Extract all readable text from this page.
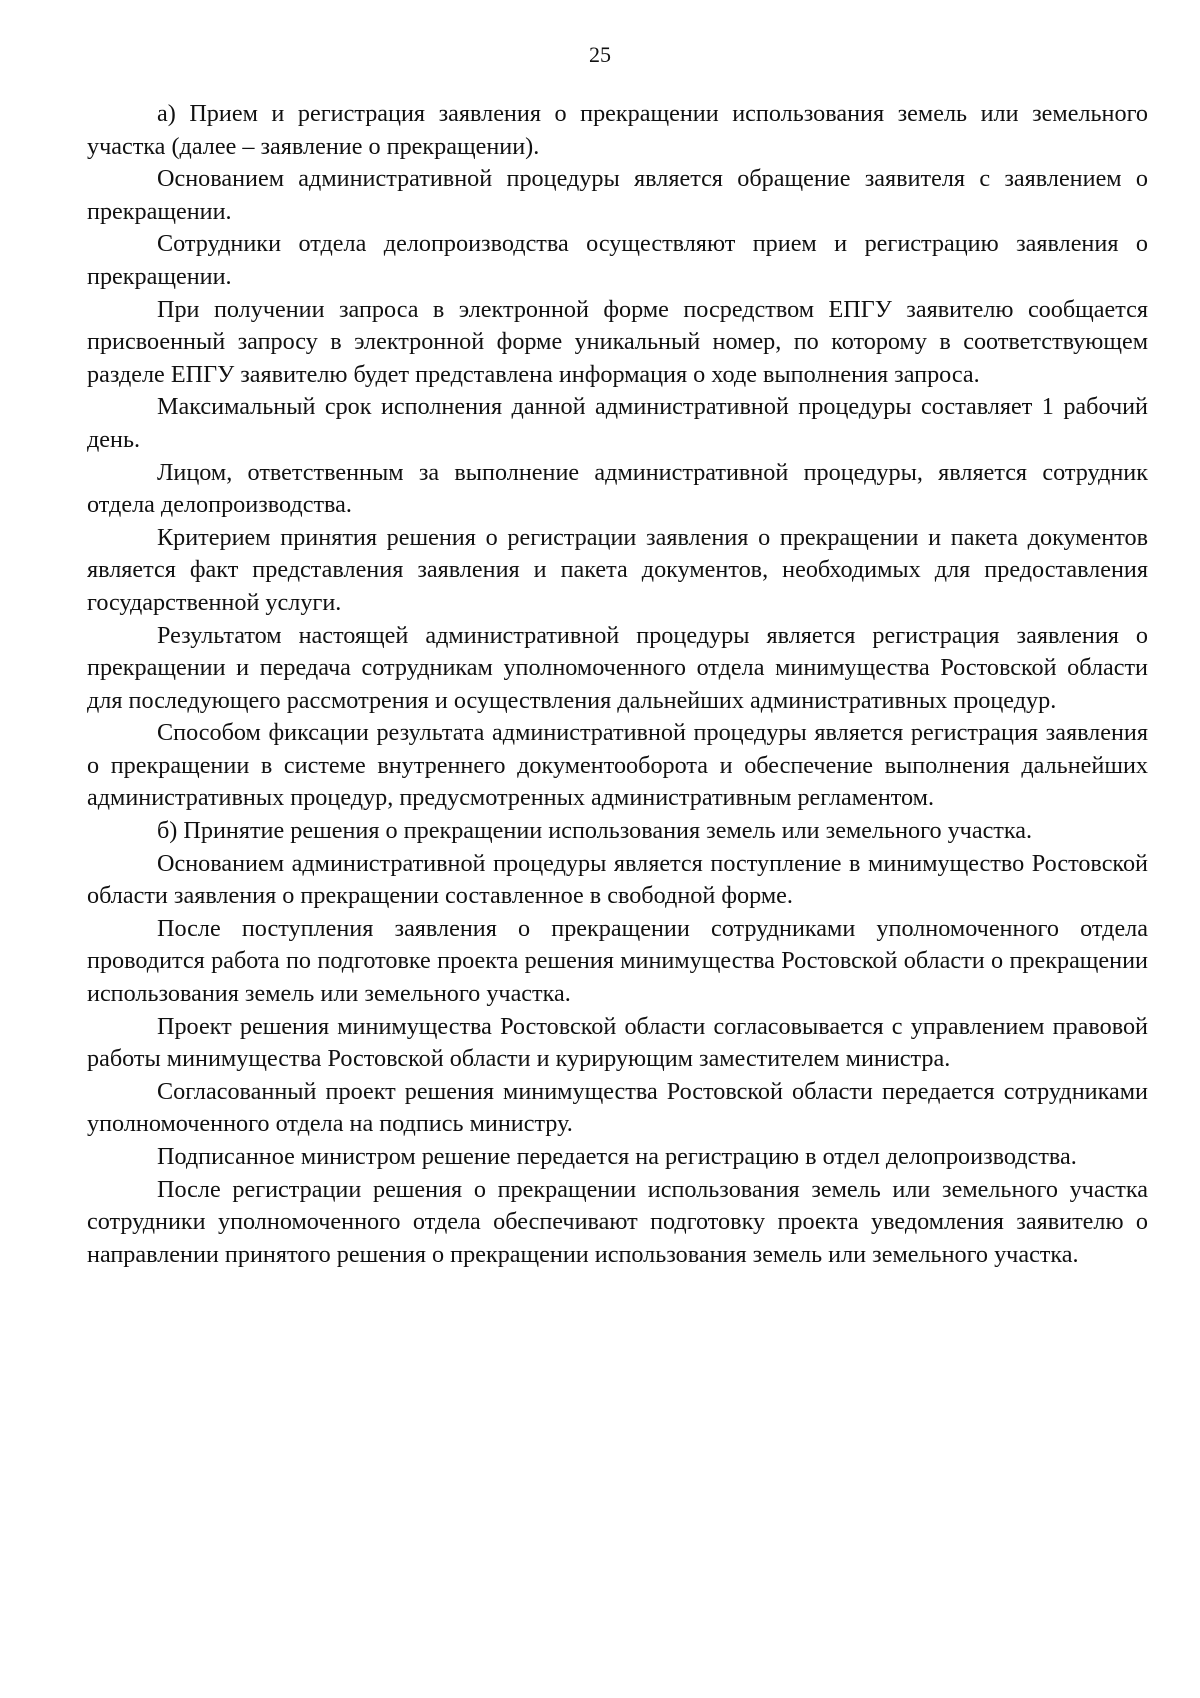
25

а) Прием и регистрация заявления о прекращении использования земель или земельного участка (далее – заявление о прекращении).

Основанием административной процедуры является обращение заявителя с заявлением о прекращении.

Сотрудники отдела делопроизводства осуществляют прием и регистрацию заявления о прекращении.

При получении запроса в электронной форме посредством ЕПГУ заявителю сообщается присвоенный запросу в электронной форме уникальный номер, по которому в соответствующем разделе ЕПГУ заявителю будет представлена информация о ходе выполнения запроса.

Максимальный срок исполнения данной административной процедуры составляет 1 рабочий день.

Лицом, ответственным за выполнение административной процедуры, является сотрудник отдела делопроизводства.

Критерием принятия решения о регистрации заявления о прекращении и пакета документов является факт представления заявления и пакета документов, необходимых для предоставления государственной услуги.

Результатом настоящей административной процедуры является регистрация заявления о прекращении и передача сотрудникам уполномоченного отдела минимущества Ростовской области для последующего рассмотрения и осуществления дальнейших административных процедур.

Способом фиксации результата административной процедуры является регистрация заявления о прекращении в системе внутреннего документооборота и обеспечение выполнения дальнейших административных процедур, предусмотренных административным регламентом.

б) Принятие решения о прекращении использования земель или земельного участка.

Основанием административной процедуры является поступление в минимущество Ростовской области заявления о прекращении составленное в свободной форме.

После поступления заявления о прекращении сотрудниками уполномоченного отдела проводится работа по подготовке проекта решения минимущества Ростовской области о прекращении использования земель или земельного участка.

Проект решения минимущества Ростовской области согласовывается с управлением правовой работы минимущества Ростовской области и курирующим заместителем министра.

Согласованный проект решения минимущества Ростовской области передается сотрудниками уполномоченного отдела на подпись министру.

Подписанное министром решение передается на регистрацию в отдел делопроизводства.

После регистрации решения о прекращении использования земель или земельного участка сотрудники уполномоченного отдела обеспечивают подготовку проекта уведомления заявителю о направлении принятого решения о прекращении использования земель или земельного участка.
